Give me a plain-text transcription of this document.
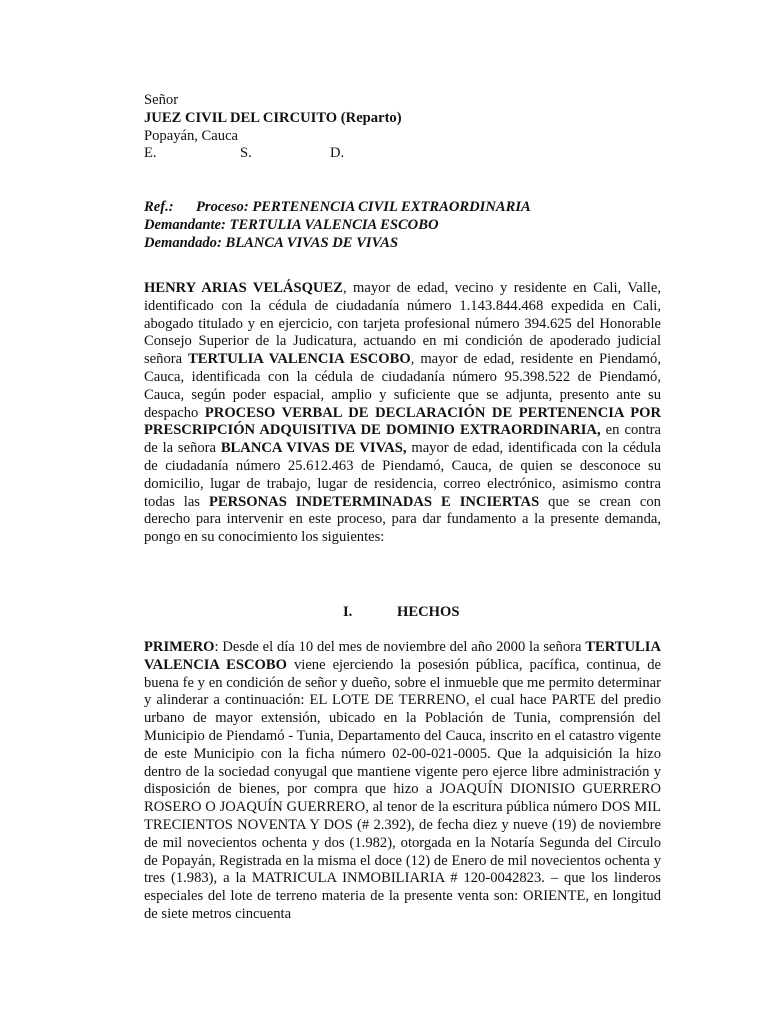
Señor
JUEZ CIVIL DEL CIRCUITO (Reparto)
Popayán, Cauca
E.	S.	D.
Ref.: Proceso: PERTENENCIA CIVIL EXTRAORDINARIA
Demandante: TERTULIA VALENCIA ESCOBO
Demandado: BLANCA VIVAS DE VIVAS

HENRY ARIAS VELÁSQUEZ, mayor de edad, vecino y residente en Cali, Valle, identificado con la cédula de ciudadanía número 1.143.844.468 expedida en Cali, abogado titulado y en ejercicio, con tarjeta profesional número 394.625 del Honorable Consejo Superior de la Judicatura, actuando en mi condición de apoderado judicial señora TERTULIA VALENCIA ESCOBO, mayor de edad, residente en Piendamó, Cauca, identificada con la cédula de ciudadanía número 95.398.522 de Piendamó, Cauca, según poder espacial, amplio y suficiente que se adjunta, presento ante su despacho PROCESO VERBAL DE DECLARACIÓN DE PERTENENCIA POR PRESCRIPCIÓN ADQUISITIVA DE DOMINIO EXTRAORDINARIA, en contra de la señora BLANCA VIVAS DE VIVAS, mayor de edad, identificada con la cédula de ciudadanía número 25.612.463 de Piendamó, Cauca, de quien se desconoce su domicilio, lugar de trabajo, lugar de residencia, correo electrónico, asimismo contra todas las PERSONAS INDETERMINADAS E INCIERTAS que se crean con derecho para intervenir en este proceso, para dar fundamento a la presente demanda, pongo en su conocimiento los siguientes:

I.	HECHOS

PRIMERO: Desde el día 10 del mes de noviembre del año 2000 la señora TERTULIA VALENCIA ESCOBO viene ejerciendo la posesión pública, pacífica, continua, de buena fe y en condición de señor y dueño, sobre el inmueble que me permito determinar y alinderar a continuación: EL LOTE DE TERRENO, el cual hace PARTE del predio urbano de mayor extensión, ubicado en la Población de Tunia, comprensión del Municipio de Piendamó - Tunia, Departamento del Cauca, inscrito en el catastro vigente de este Municipio con la ficha número 02-00-021-0005. Que la adquisición la hizo dentro de la sociedad conyugal que mantiene vigente pero ejerce libre administración y disposición de bienes, por compra que hizo a JOAQUÍN DIONISIO GUERRERO ROSERO O JOAQUÍN GUERRERO, al tenor de la escritura pública número DOS MIL TRECIENTOS NOVENTA Y DOS (# 2.392), de fecha diez y nueve (19) de noviembre de mil novecientos ochenta y dos (1.982), otorgada en la Notaría Segunda del Circulo de Popayán, Registrada en la misma el doce (12) de Enero de mil novecientos ochenta y tres (1.983), a la MATRICULA INMOBILIARIA # 120-0042823. – que los linderos especiales del lote de terreno materia de la presente venta son: ORIENTE, en longitud de siete metros cincuenta
